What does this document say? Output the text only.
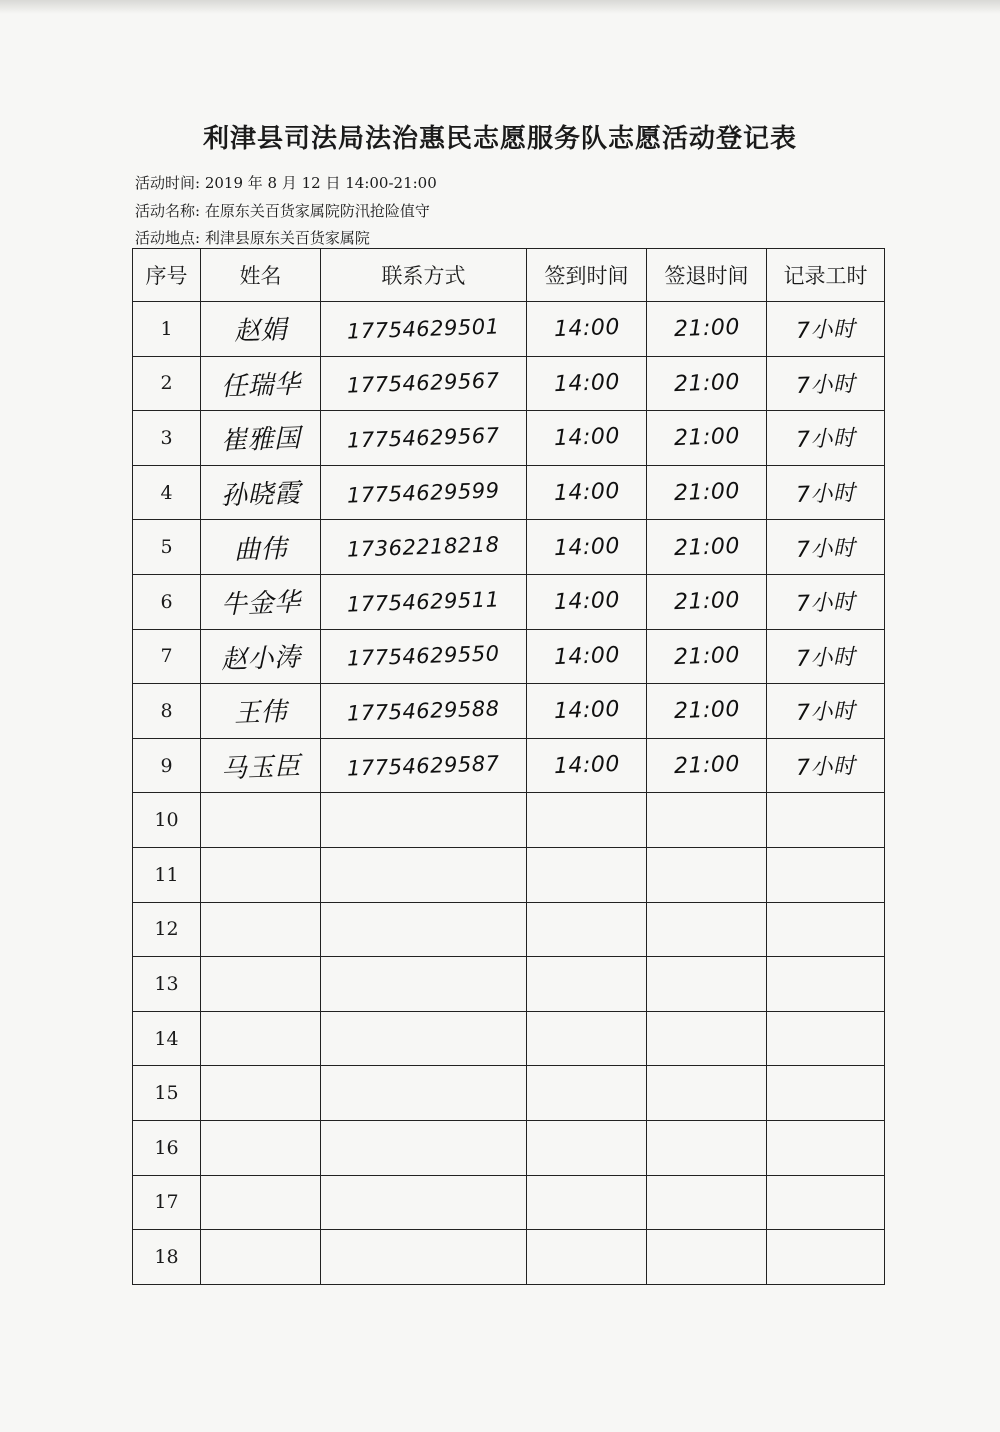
利津县司法局法治惠民志愿服务队志愿活动登记表
活动时间: 2019 年 8 月 12 日 14:00-21:00
活动名称: 在原东关百货家属院防汛抢险值守
活动地点: 利津县原东关百货家属院
序号	姓名	联系方式	签到时间	签退时间	记录工时
1	赵娟	17754629501	14:00	21:00	7小时
2	任瑞华	17754629567	14:00	21:00	7小时
3	崔雅国	17754629567	14:00	21:00	7小时
4	孙晓霞	17754629599	14:00	21:00	7小时
5	曲伟	17362218218	14:00	21:00	7小时
6	牛金华	17754629511	14:00	21:00	7小时
7	赵小涛	17754629550	14:00	21:00	7小时
8	王伟	17754629588	14:00	21:00	7小时
9	马玉臣	17754629587	14:00	21:00	7小时
10					
11					
12					
13					
14					
15					
16					
17					
18					
